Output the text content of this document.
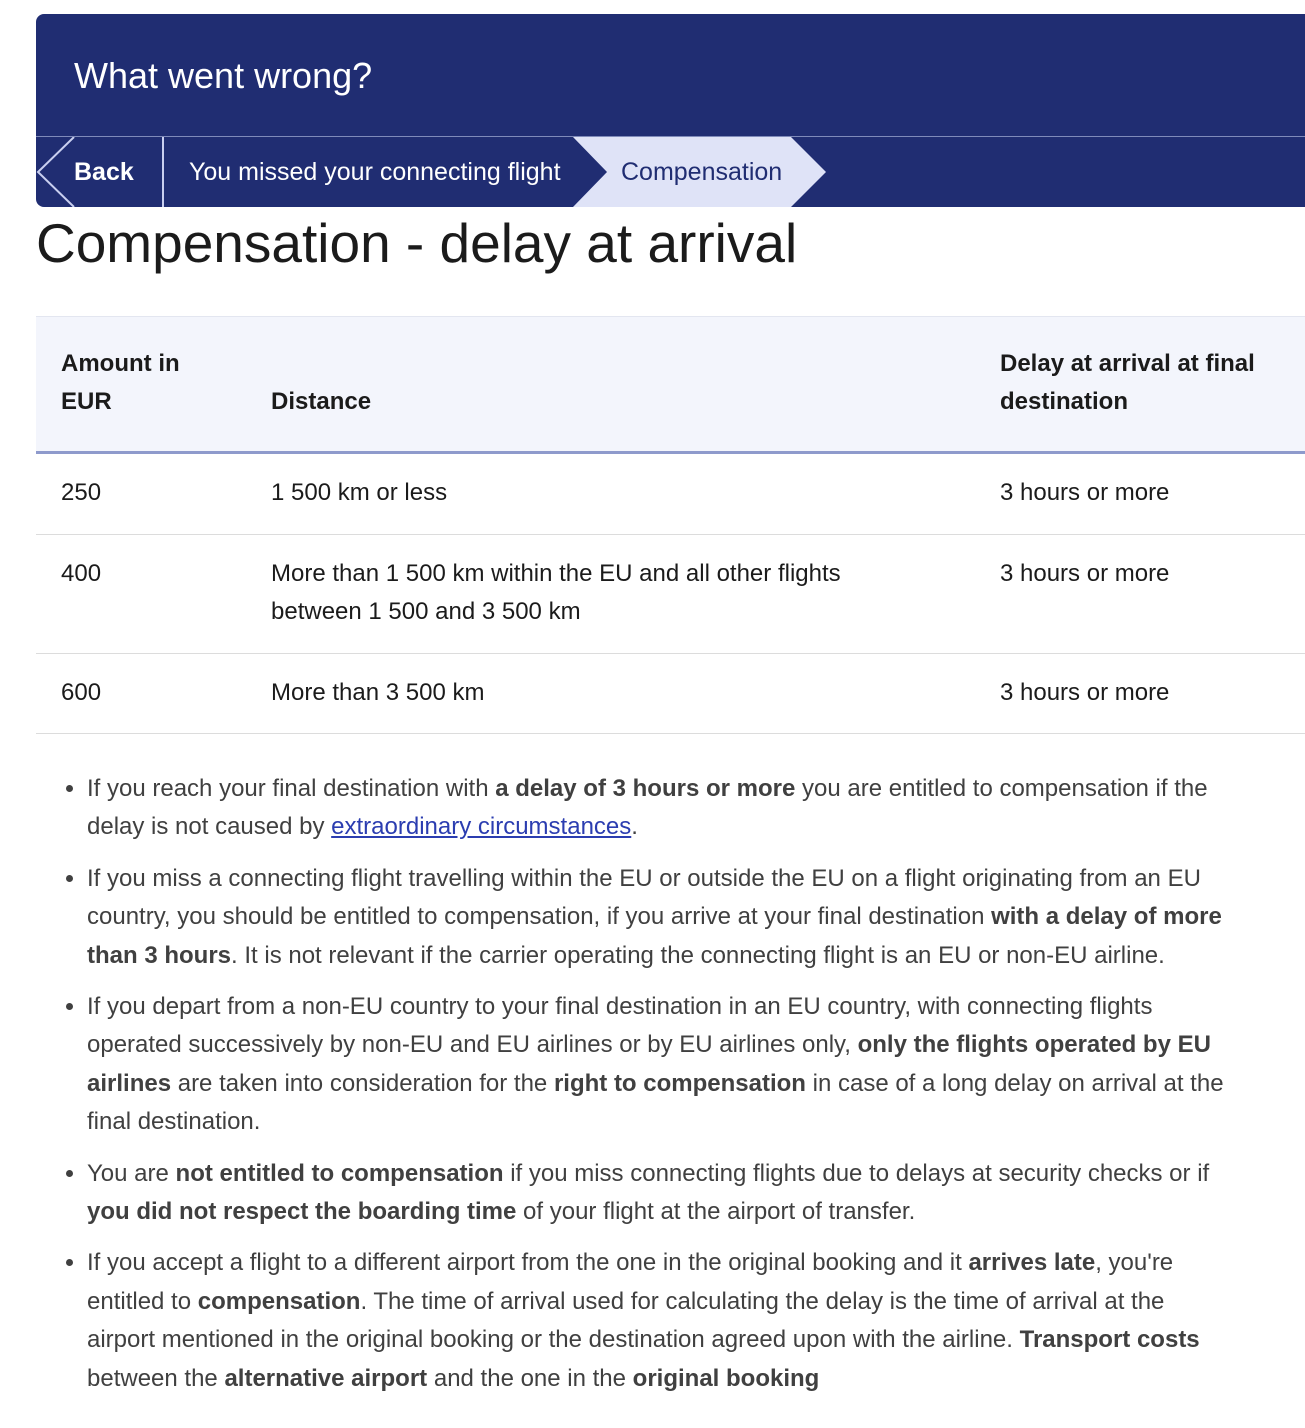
What went wrong?
Back You missed your connecting flight Compensation
Compensation - delay at arrival
Amount in EUR	Distance	Delay at arrival at final destination
250	1 500 km or less	3 hours or more
400	More than 1 500 km within the EU and all other flights between 1 500 and 3 500 km	3 hours or more
600	More than 3 500 km	3 hours or more
• If you reach your final destination with a delay of 3 hours or more you are entitled to compensation if the delay is not caused by extraordinary circumstances.
• If you miss a connecting flight travelling within the EU or outside the EU on a flight originating from an EU country, you should be entitled to compensation, if you arrive at your final destination with a delay of more than 3 hours. It is not relevant if the carrier operating the connecting flight is an EU or non-EU airline.
• If you depart from a non-EU country to your final destination in an EU country, with connecting flights operated successively by non-EU and EU airlines or by EU airlines only, only the flights operated by EU airlines are taken into consideration for the right to compensation in case of a long delay on arrival at the final destination.
• You are not entitled to compensation if you miss connecting flights due to delays at security checks or if you did not respect the boarding time of your flight at the airport of transfer.
• If you accept a flight to a different airport from the one in the original booking and it arrives late, you're entitled to compensation. The time of arrival used for calculating the delay is the time of arrival at the airport mentioned in the original booking or the destination agreed upon with the airline. Transport costs between the alternative airport and the one in the original booking
